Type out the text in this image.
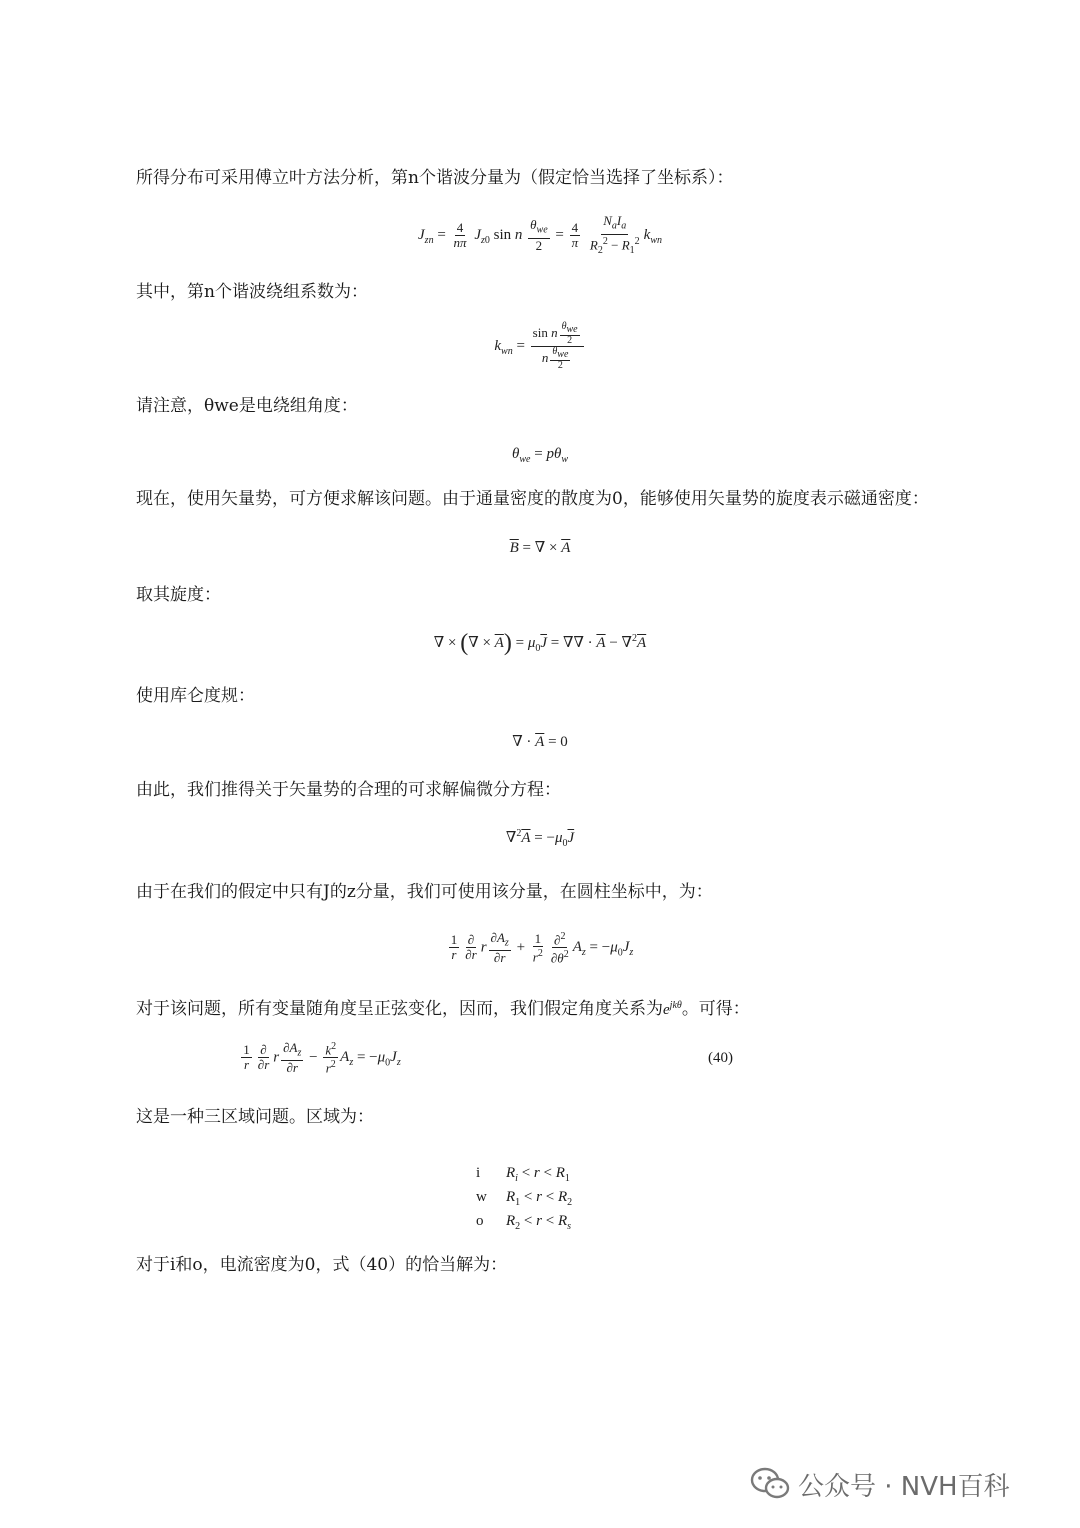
所得分布可采用傅立叶方法分析，第n个谐波分量为（假定恰当选择了坐标系）：
$J_{zn} = \frac{4}{n\pi} J_{z0}$ sin n $\frac{\theta_{we}}{2} = \frac{4}{\pi}$
$\frac{N_aI_a}{R_2^2 - R_1^2} k_{wn}$
其中，第n个谐波绕组系数为：
$k_{wn} = \frac{\sin n \frac{\theta_{we}}{2}}{n \frac{\theta_{we}}{2}}$
请注意，θwe是电绕组角度：
$\theta_{we} = p\theta_w$
现在，使用矢量势，可方便求解该问题。由于通量密度的散度为0，能够使用矢量势的旋度表示磁通密度：
$\overline{B}$ = ∇ × $\overline{A}$
取其旋度：
∇ × (∇ × $\overline{A}) = \mu_0\overline{J}$ = ∇∇ · $\overline{A} - \nabla^2\overline{A}$
使用库仑度规：
∇ · $\overline{A} = 0$
由此，我们推得关于矢量势的合理的可求解偏微分方程：
$\nabla^2\overline{A} = -\mu_0\overline{J}$
由于在我们的假定中只有J的z分量，我们可使用该分量，在圆柱坐标中，为：
$\frac{1}{r} \frac{\partial}{\partial r}$ r $\frac{\partial A_z}{\partial r} + \frac{1}{r^2} \frac{\partial^2}{\partial\theta^2} A_z = -\mu_0J_z$
对于该问题，所有变量随角度呈正弦变化，因而，我们假定角度关系为$e^{jk\theta}$。可得：
$\frac{1}{r} \frac{\partial}{\partial r}$ r $\frac{\partial A_z}{\partial r} - \frac{k^2}{r^2} A_z = -\mu_0J_z$	(40)
这是一种三区域问题。区域为：
i	$R_i < r < R_1$
w	$R_1 < r < R_2$
o	$R_2 < r < R_s$
对于i和o，电流密度为0，式（40）的恰当解为：
公众号 · NVH百科
